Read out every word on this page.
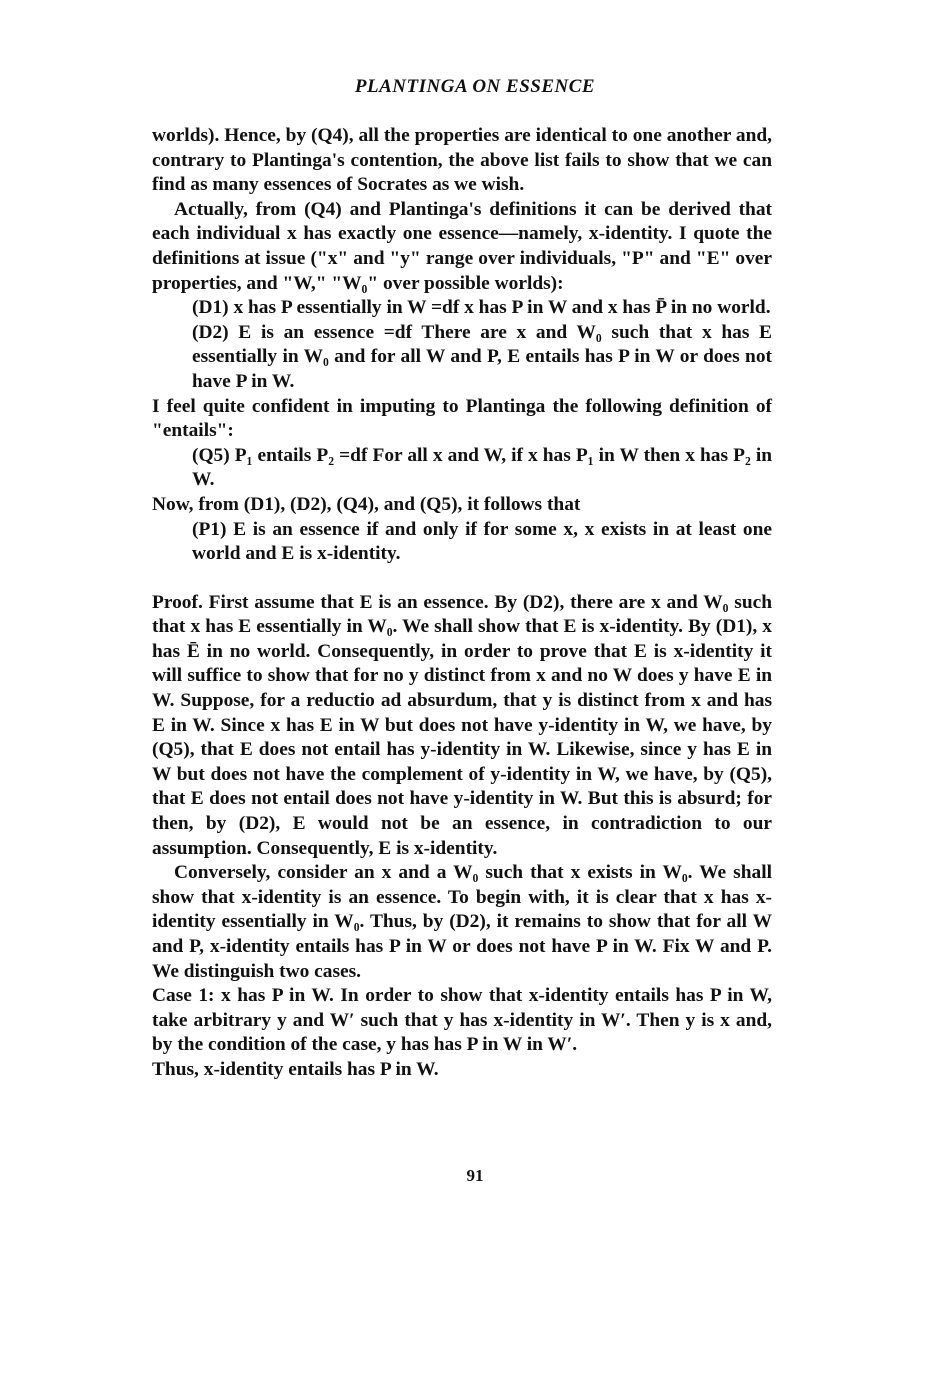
PLANTINGA ON ESSENCE

worlds). Hence, by (Q4), all the properties are identical to one another and, contrary to Plantinga's contention, the above list fails to show that we can find as many essences of Socrates as we wish.

Actually, from (Q4) and Plantinga's definitions it can be derived that each individual x has exactly one essence—namely, x-identity. I quote the definitions at issue ("x" and "y" range over individuals, "P" and "E" over properties, and "W," "W₀" over possible worlds):

(D1) x has P essentially in W =df x has P in W and x has P̄ in no world.

(D2) E is an essence =df There are x and W₀ such that x has E essentially in W₀ and for all W and P, E entails has P in W or does not have P in W.

I feel quite confident in imputing to Plantinga the following definition of "entails":

(Q5) P₁ entails P₂ =df For all x and W, if x has P₁ in W then x has P₂ in W.

Now, from (D1), (D2), (Q4), and (Q5), it follows that

(P1) E is an essence if and only if for some x, x exists in at least one world and E is x-identity.

Proof. First assume that E is an essence. By (D2), there are x and W₀ such that x has E essentially in W₀. We shall show that E is x-identity. By (D1), x has Ē in no world. Consequently, in order to prove that E is x-identity it will suffice to show that for no y distinct from x and no W does y have E in W. Suppose, for a reductio ad absurdum, that y is distinct from x and has E in W. Since x has E in W but does not have y-identity in W, we have, by (Q5), that E does not entail has y-identity in W. Likewise, since y has E in W but does not have the complement of y-identity in W, we have, by (Q5), that E does not entail does not have y-identity in W. But this is absurd; for then, by (D2), E would not be an essence, in contradiction to our assumption. Consequently, E is x-identity.

Conversely, consider an x and a W₀ such that x exists in W₀. We shall show that x-identity is an essence. To begin with, it is clear that x has x-identity essentially in W₀. Thus, by (D2), it remains to show that for all W and P, x-identity entails has P in W or does not have P in W. Fix W and P. We distinguish two cases.

Case 1: x has P in W. In order to show that x-identity entails has P in W, take arbitrary y and W′ such that y has x-identity in W′. Then y is x and, by the condition of the case, y has has P in W in W′.

Thus, x-identity entails has P in W.

91
